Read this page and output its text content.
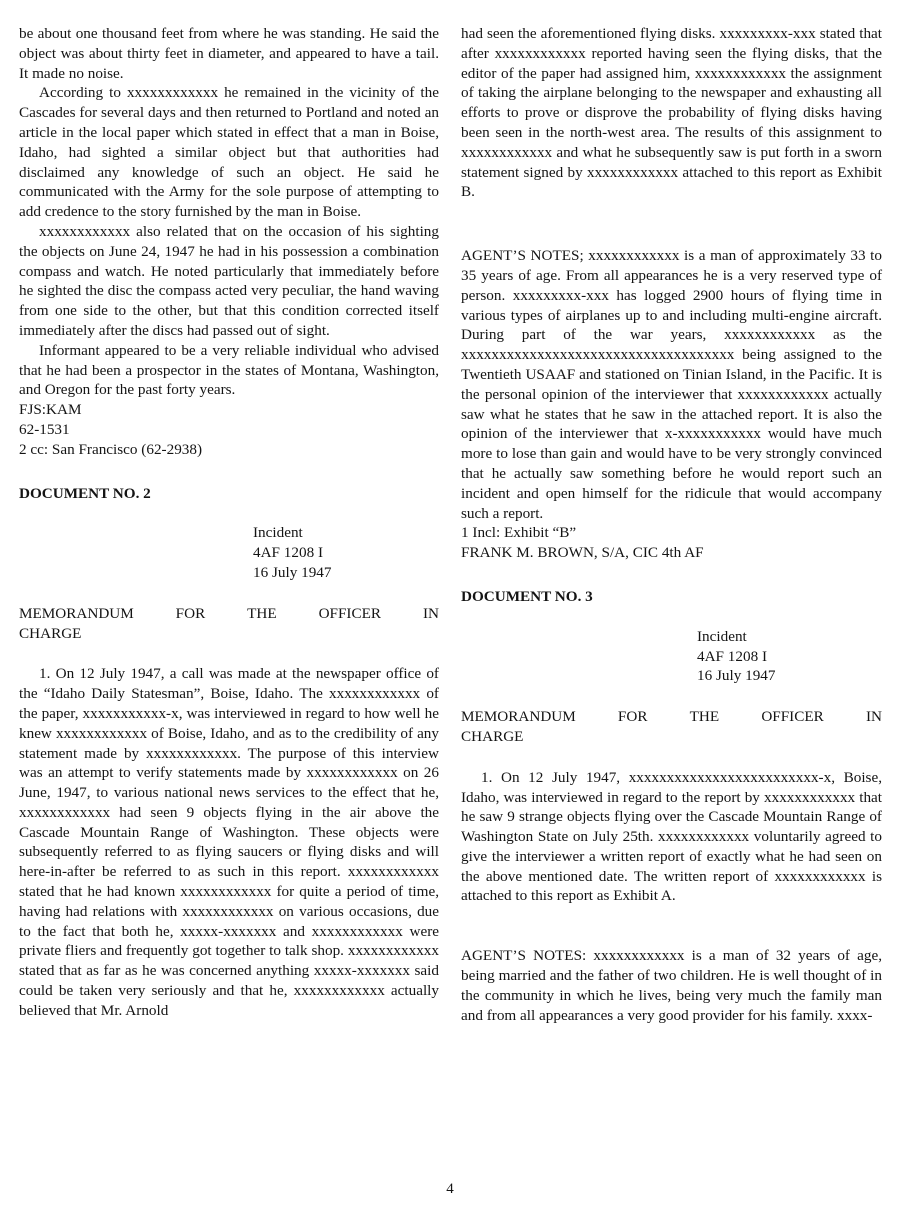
be about one thousand feet from where he was standing. He said the object was about thirty feet in diameter, and appeared to have a tail. It made no noise.

According to xxxxxxxxxxxx he remained in the vicinity of the Cascades for several days and then returned to Portland and noted an article in the local paper which stated in effect that a man in Boise, Idaho, had sighted a similar object but that authorities had disclaimed any knowledge of such an object. He said he communicated with the Army for the sole purpose of attempting to add credence to the story furnished by the man in Boise.

xxxxxxxxxxxx also related that on the occasion of his sighting the objects on June 24, 1947 he had in his possession a combination compass and watch. He noted particularly that immediately before he sighted the disc the compass acted very peculiar, the hand waving from one side to the other, but that this condition corrected itself immediately after the discs had passed out of sight.

Informant appeared to be a very reliable individual who advised that he had been a prospector in the states of Montana, Washington, and Oregon for the past forty years.

FJS:KAM
62-1531
2 cc: San Francisco (62-2938)
DOCUMENT NO. 2
Incident
4AF 1208 I
16 July 1947
MEMORANDUM	FOR	THE	OFFICER	IN
CHARGE

1. On 12 July 1947, a call was made at the newspaper office of the “Idaho Daily Statesman”, Boise, Idaho. The xxxxxxxxxxxx of the paper, xxxxxxxxxxx-x, was interviewed in regard to how well he knew xxxxxxxxxxxx of Boise, Idaho, and as to the credibility of any statement made by xxxxxxxxxxxx. The purpose of this interview was an attempt to verify statements made by xxxxxxxxxxxx on 26 June, 1947, to various national news services to the effect that he, xxxxxxxxxxxx had seen 9 objects flying in the air above the Cascade Mountain Range of Washington. These objects were subsequently referred to as flying saucers or flying disks and will here-in-after be referred to as such in this report. xxxxxxxxxxxx stated that he had known xxxxxxxxxxxx for quite a period of time, having had relations with xxxxxxxxxxxx on various occasions, due to the fact that both he, xxxxx-xxxxxxx and xxxxxxxxxxxx were private fliers and frequently got together to talk shop. xxxxxxxxxxxx stated that as far as he was concerned anything xxxxx-xxxxxxx said could be taken very seriously and that he, xxxxxxxxxxxx actually believed that Mr. Arnold

had seen the aforementioned flying disks. xxxxxxxxx-xxx stated that after xxxxxxxxxxxx reported having seen the flying disks, that the editor of the paper had assigned him, xxxxxxxxxxxx the assignment of taking the airplane belonging to the newspaper and exhausting all efforts to prove or disprove the probability of flying disks having been seen in the north-west area. The results of this assignment to xxxxxxxxxxxx and what he subsequently saw is put forth in a sworn statement signed by xxxxxxxxxxxx attached to this report as Exhibit B.

AGENT’S NOTES; xxxxxxxxxxxx is a man of approximately 33 to 35 years of age. From all appearances he is a very reserved type of person. xxxxxxxxx-xxx has logged 2900 hours of flying time in various types of airplanes up to and including multi-engine aircraft. During part of the war years, xxxxxxxxxxxx as the xxxxxxxxxxxxxxxxxxxxxxxxxxxxxxxxxxxx being assigned to the Twentieth USAAF and stationed on Tinian Island, in the Pacific. It is the personal opinion of the interviewer that xxxxxxxxxxxx actually saw what he states that he saw in the attached report. It is also the opinion of the interviewer that x-xxxxxxxxxxx would have much more to lose than gain and would have to be very strongly convinced that he actually saw something before he would report such an incident and open himself for the ridicule that would accompany such a report.

1 Incl: Exhibit “B”
FRANK M. BROWN, S/A, CIC 4th AF
DOCUMENT NO. 3
Incident
4AF 1208 I
16 July 1947
MEMORANDUM	FOR	THE	OFFICER	IN
CHARGE

1. On 12 July 1947, xxxxxxxxxxxxxxxxxxxxxxxxx-x, Boise, Idaho, was interviewed in regard to the report by xxxxxxxxxxxx that he saw 9 strange objects flying over the Cascade Mountain Range of Washington State on July 25th. xxxxxxxxxxxx voluntarily agreed to give the interviewer a written report of exactly what he had seen on the above mentioned date. The written report of xxxxxxxxxxxx is attached to this report as Exhibit A.

AGENT’S NOTES: xxxxxxxxxxxx is a man of 32 years of age, being married and the father of two children. He is well thought of in the community in which he lives, being very much the family man and from all appearances a very good provider for his family. xxxx-

4
